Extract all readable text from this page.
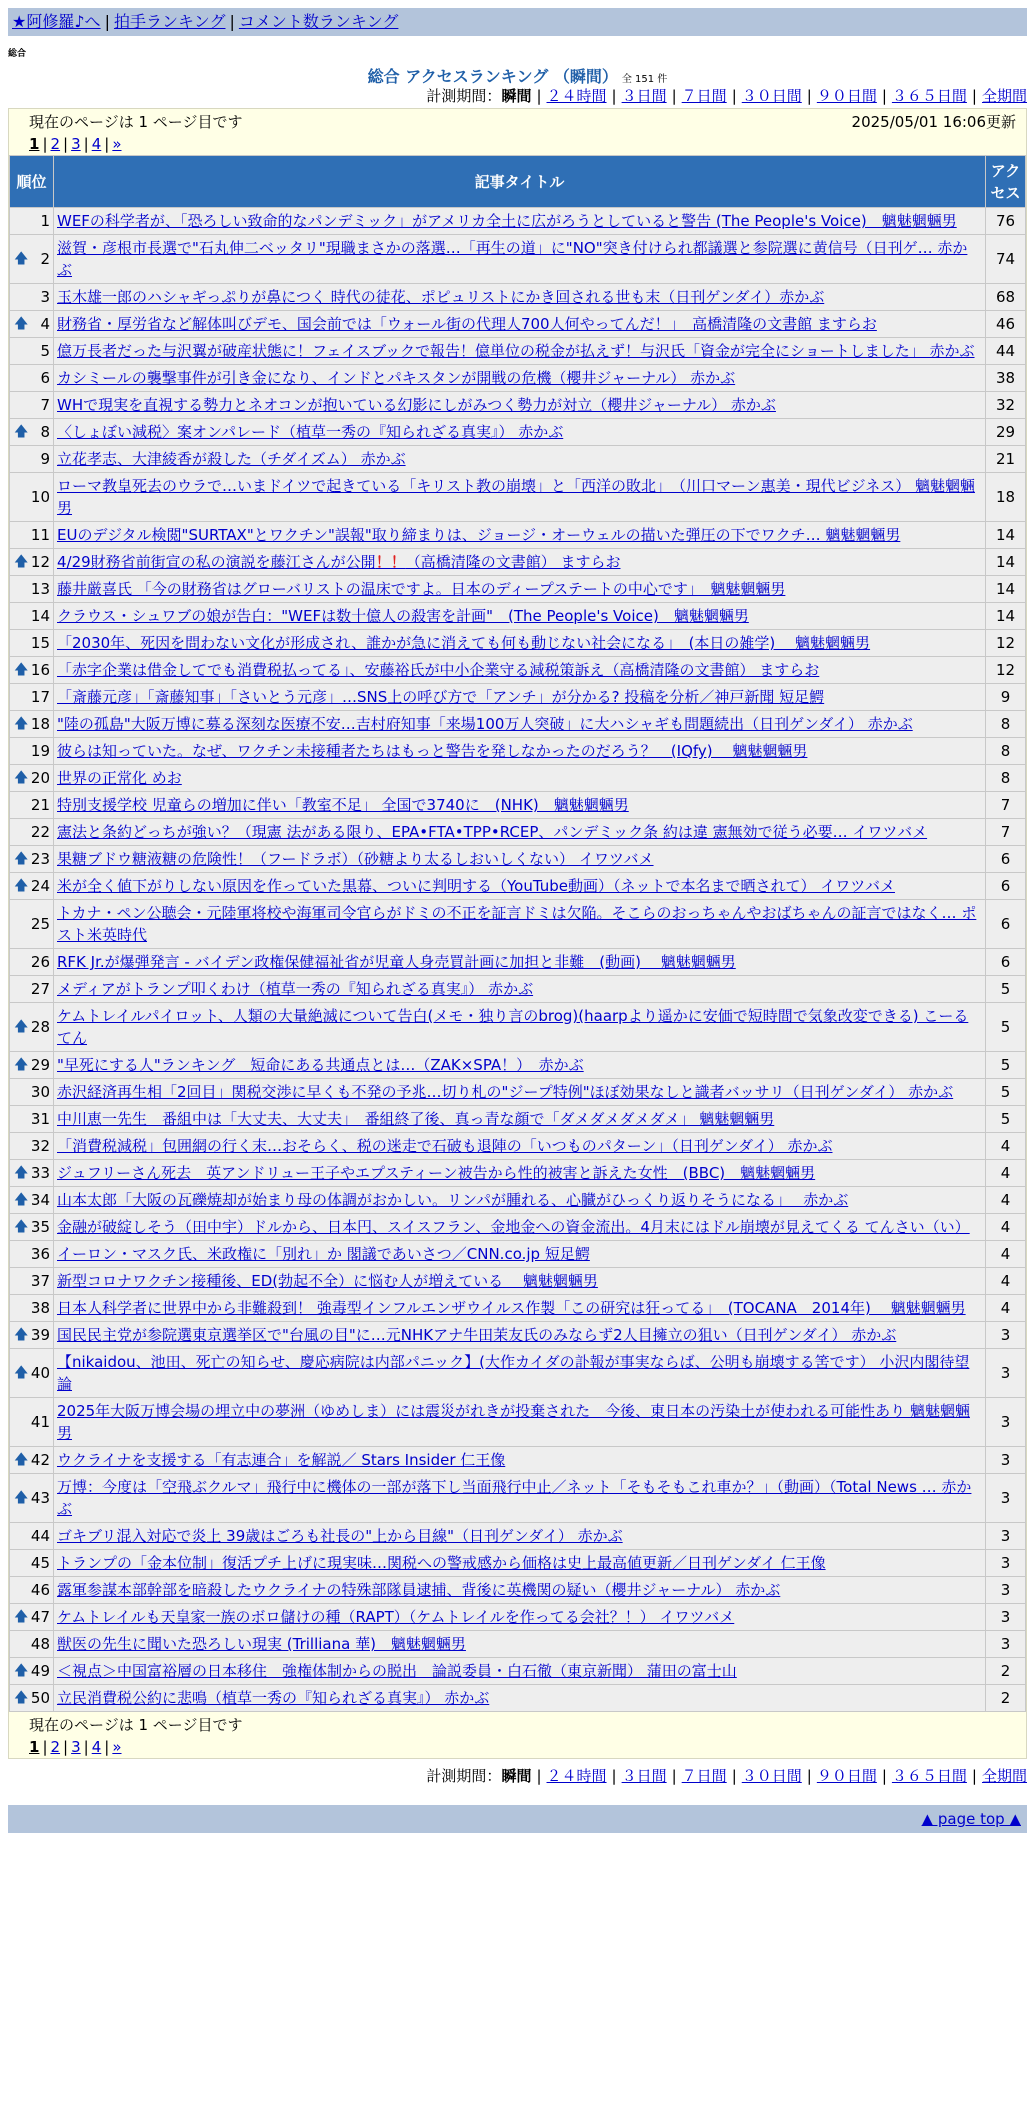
★阿修羅♪へ | 拍手ランキング | コメント数ランキング
総合
総合 アクセスランキング （瞬間） 全 151 件
計測期間：瞬間 | ２４時間 | ３日間 | ７日間 | ３０日間 | ９０日間 | ３６５日間 | 全期間
現在のページは 1 ページ目です	2025/05/01 16:06更新
1 | 2 | 3 | 4 | »
順位	記事タイトル	アクセス
1	WEFの科学者が、「恐ろしい致命的なパンデミック」がアメリカ全土に広がろうとしていると警告 (The People's Voice)　魑魅魍魎男	76

🡅 2	滋賀・彦根市長選で"石丸伸二ベッタリ"現職まさかの落選…「再生の道」に"NO"突き付けられ都議選と参院選に黄信号（日刊ゲ… 赤かぶ	74
3	玉木雄一郎のハシャギっぷりが鼻につく 時代の徒花、ポピュリストにかき回される世も末（日刊ゲンダイ）赤かぶ	68

🡅 4	財務省・厚労省など解体叫びデモ、国会前では「ウォール街の代理人700人何やってんだ！」　高橋清隆の文書館 ますらお	46
5	億万長者だった与沢翼が破産状態に！フェイスブックで報告！億単位の税金が払えず！与沢氏「資金が完全にショートしました」 赤かぶ	44
6	カシミールの襲撃事件が引き金になり、インドとパキスタンが開戦の危機（櫻井ジャーナル） 赤かぶ	38
7	WHで現実を直視する勢力とネオコンが抱いている幻影にしがみつく勢力が対立（櫻井ジャーナル） 赤かぶ	32

🡅 8	〈しょぼい減税〉案オンパレード（植草一秀の『知られざる真実』） 赤かぶ	29
9	立花孝志、大津綾香が殺した（チダイズム） 赤かぶ	21
10	ローマ教皇死去のウラで…いまドイツで起きている「キリスト教の崩壊」と「西洋の敗北」　（川口マーン惠美・現代ビジネス） 魑魅魍魎男	18
11	EUのデジタル検閲"SURTAX"とワクチン"誤報"取り締まりは、ジョージ・オーウェルの描いた弾圧の下でワクチ… 魑魅魍魎男	14

🡅 12	4/29財務省前街宣の私の演説を藤江さんが公開！！（高橋清隆の文書館） ますらお	14
13	藤井厳喜氏 「今の財務省はグローバリストの温床ですよ。日本のディープステートの中心です」　魑魅魍魎男	14
14	クラウス・シュワブの娘が告白："WEFは数十億人の殺害を計画"　(The People's Voice)　魑魅魍魎男	14
15	「2030年、死因を問わない文化が形成され、誰かが急に消えても何も動じない社会になる」　(本日の雑学)　 魑魅魍魎男	12

🡅 16	「赤字企業は借金してでも消費税払ってる」、安藤裕氏が中小企業守る減税策訴え（高橋清隆の文書館） ますらお	12
17	「斎藤元彦」「斎藤知事」「さいとう元彦」…SNS上の呼び方で「アンチ」が分かる? 投稿を分析／神戸新聞 短足鰐	9

🡅 18	"陸の孤島"大阪万博に募る深刻な医療不安…吉村府知事「来場100万人突破」に大ハシャギも問題続出（日刊ゲンダイ） 赤かぶ	8
19	彼らは知っていた。なぜ、ワクチン未接種者たちはもっと警告を発しなかったのだろう？　(IQfy)　 魑魅魍魎男	8

🡅 20	世界の正常化 めお	8
21	特別支援学校 児童らの増加に伴い「教室不足」 全国で3740に　(NHK)　魑魅魍魎男	7
22	憲法と条約どっちが強い？（現憲 法がある限り、EPA•FTA•TPP•RCEP、パンデミック条 約は違 憲無効で従う必要… イワツバメ	7

🡅 23	果糖ブドウ糖液糖の危険性！（フードラボ）（砂糖より太るしおいしくない） イワツバメ	6

🡅 24	米が全く値下がりしない原因を作っていた黒幕、ついに判明する（YouTube動画）（ネットで本名まで晒されて） イワツバメ	6
25	トカナ・ペン公聴会・元陸軍将校や海軍司令官らがドミの不正を証言ドミは欠陥。そこらのおっちゃんやおばちゃんの証言ではなく… ポスト米英時代	6
26	RFK Jr.が爆弾発言 - バイデン政権保健福祉省が児童人身売買計画に加担と非難　(動画)　 魑魅魍魎男	6
27	メディアがトランプ叩くわけ（植草一秀の『知られざる真実』） 赤かぶ	5

🡅 28	ケムトレイルパイロット、人類の大量絶滅について告白(メモ・独り言のbrog)(haarpより遥かに安価で短時間で気象改変できる) こーるてん	5

🡅 29	"早死にする人"ランキング　短命にある共通点とは…（ZAK×SPA！）　赤かぶ	5
30	赤沢経済再生相「2回目」関税交渉に早くも不発の予兆…切り札の"ジープ特例"ほぼ効果なしと識者バッサリ（日刊ゲンダイ） 赤かぶ	5
31	中川恵一先生　番組中は「大丈夫、大丈夫」　番組終了後、真っ青な顔で「ダメダメダメダメ」 魑魅魍魎男	5
32	「消費税減税」包囲網の行く末…おそらく、税の迷走で石破も退陣の「いつものパターン」（日刊ゲンダイ） 赤かぶ	4

🡅 33	ジュフリーさん死去　英アンドリュー王子やエプスティーン被告から性的被害と訴えた女性　(BBC)　魑魅魍魎男	4

🡅 34	山本太郎「大阪の瓦礫焼却が始まり母の体調がおかしい。リンパが腫れる、心臓がひっくり返りそうになる」　 赤かぶ	4

🡅 35	金融が破綻しそう（田中宇）ドルから、日本円、スイスフラン、金地金への資金流出。4月末にはドル崩壊が見えてくる てんさい（い）	4
36	イーロン・マスク氏、米政権に「別れ」か 閣議であいさつ／CNN.co.jp 短足鰐	4
37	新型コロナワクチン接種後、ED(勃起不全）に悩む人が増えている　 魑魅魍魎男	4
38	日本人科学者に世界中から非難殺到！ 強毒型インフルエンザウイルス作製「この研究は狂ってる」　(TOCANA　2014年)　 魑魅魍魎男	4

🡅 39	国民民主党が参院選東京選挙区で"台風の目"に…元NHKアナ牛田茉友氏のみならず2人目擁立の狙い（日刊ゲンダイ） 赤かぶ	3

🡅 40	【nikaidou、池田、死亡の知らせ、慶応病院は内部パニック】(大作カイダの訃報が事実ならば、公明も崩壊する筈です） 小沢内閣待望論	3
41	2025年大阪万博会場の埋立中の夢洲（ゆめしま）には震災がれきが投棄された　今後、東日本の汚染土が使われる可能性あり 魑魅魍魎男	3

🡅 42	ウクライナを支援する「有志連合」を解説／ Stars Insider 仁王像	3

🡅 43	万博：今度は「空飛ぶクルマ」飛行中に機体の一部が落下し当面飛行中止／ネット「そもそもこれ車か？」（動画）（Total News … 赤かぶ	3
44	ゴキブリ混入対応で炎上 39歳はごろも社長の"上から目線"（日刊ゲンダイ） 赤かぶ	3
45	トランプの「金本位制」復活プチ上げに現実味…関税への警戒感から価格は史上最高値更新／日刊ゲンダイ 仁王像	3
46	露軍参謀本部幹部を暗殺したウクライナの特殊部隊員逮捕、背後に英機関の疑い（櫻井ジャーナル） 赤かぶ	3

🡅 47	ケムトレイルも天皇家一族のボロ儲けの種（RAPT）（ケムトレイルを作ってる会社？！） イワツバメ	3
48	獣医の先生に聞いた恐ろしい現実 (Trilliana 華)　魑魅魍魎男	3

🡅 49	＜視点＞中国富裕層の日本移住　強権体制からの脱出　論説委員・白石徹（東京新聞） 蒲田の富士山	2

🡅 50	立民消費税公約に悲鳴（植草一秀の『知られざる真実』） 赤かぶ	2
現在のページは 1 ページ目です
1 | 2 | 3 | 4 | »
計測期間：瞬間 | ２４時間 | ３日間 | ７日間 | ３０日間 | ９０日間 | ３６５日間 | 全期間
▲ page top ▲
